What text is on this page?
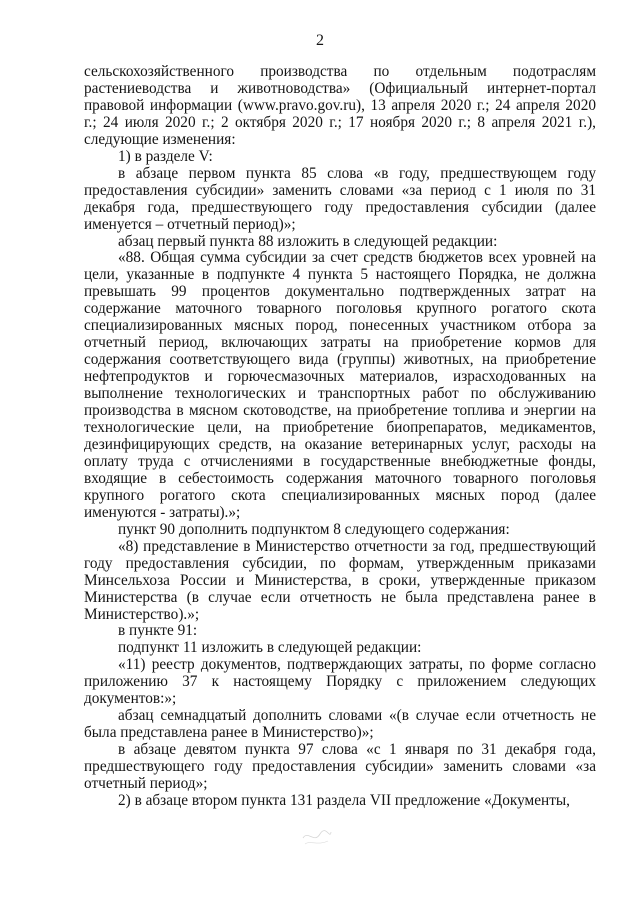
2

сельскохозяйственного производства по отдельным подотраслям растениеводства и животноводства» (Официальный интернет-портал правовой информации (www.pravo.gov.ru), 13 апреля 2020 г.; 24 апреля 2020 г.; 24 июля 2020 г.; 2 октября 2020 г.; 17 ноября 2020 г.; 8 апреля 2021 г.), следующие изменения:

1) в разделе V:

в абзаце первом пункта 85 слова «в году, предшествующем году предоставления субсидии» заменить словами «за период с 1 июля по 31 декабря года, предшествующего году предоставления субсидии (далее именуется – отчетный период)»;

абзац первый пункта 88 изложить в следующей редакции:

«88. Общая сумма субсидии за счет средств бюджетов всех уровней на цели, указанные в подпункте 4 пункта 5 настоящего Порядка, не должна превышать 99 процентов документально подтвержденных затрат на содержание маточного товарного поголовья крупного рогатого скота специализированных мясных пород, понесенных участником отбора за отчетный период, включающих затраты на приобретение кормов для содержания соответствующего вида (группы) животных, на приобретение нефтепродуктов и горючесмазочных материалов, израсходованных на выполнение технологических и транспортных работ по обслуживанию производства в мясном скотоводстве, на приобретение топлива и энергии на технологические цели, на приобретение биопрепаратов, медикаментов, дезинфицирующих средств, на оказание ветеринарных услуг, расходы на оплату труда с отчислениями в государственные внебюджетные фонды, входящие в себестоимость содержания маточного товарного поголовья крупного рогатого скота специализированных мясных пород (далее именуются - затраты).»;

пункт 90 дополнить подпунктом 8 следующего содержания:

«8) представление в Министерство отчетности за год, предшествующий году предоставления субсидии, по формам, утвержденным приказами Минсельхоза России и Министерства, в сроки, утвержденные приказом Министерства (в случае если отчетность не была представлена ранее в Министерство).»;

в пункте 91:

подпункт 11 изложить в следующей редакции:

«11) реестр документов, подтверждающих затраты, по форме согласно приложению 37 к настоящему Порядку с приложением следующих документов:»;

абзац семнадцатый дополнить словами «(в случае если отчетность не была представлена ранее в Министерство)»;

в абзаце девятом пункта 97 слова «с 1 января по 31 декабря года, предшествующего году предоставления субсидии» заменить словами «за отчетный период»;

2) в абзаце втором пункта 131 раздела VII предложение «Документы,
